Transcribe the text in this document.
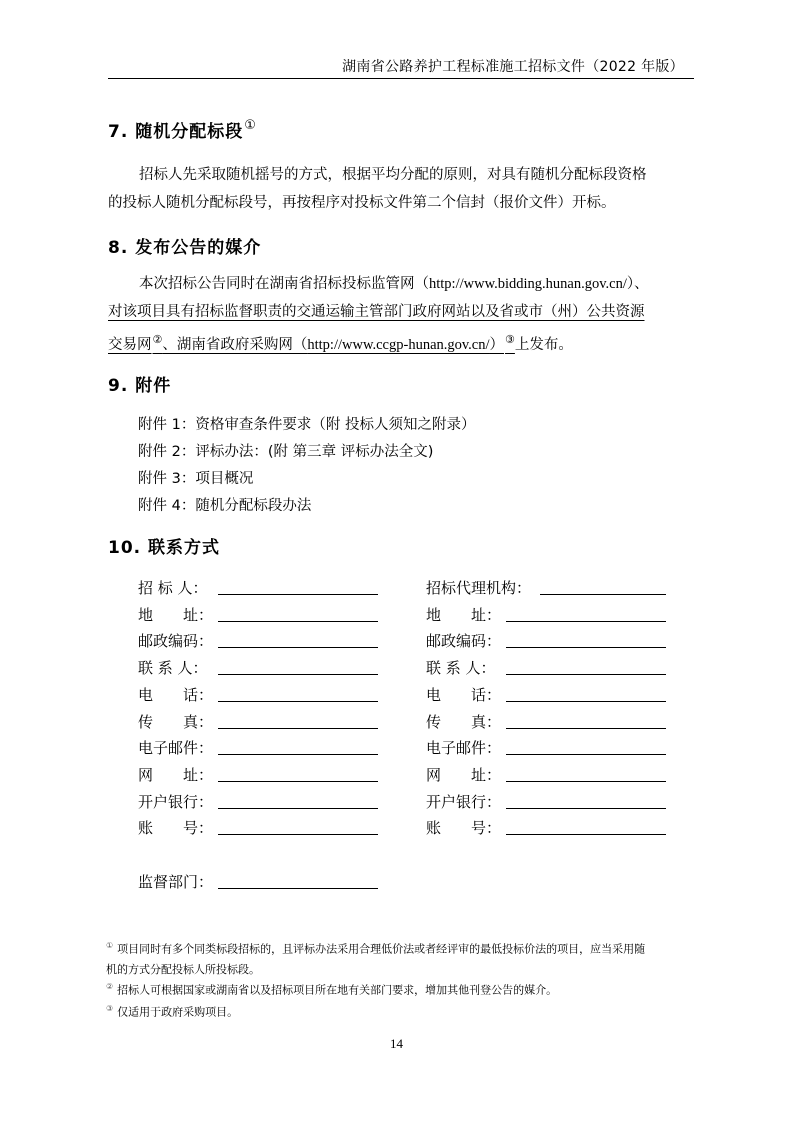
湖南省公路养护工程标准施工招标文件（2022 年版）
7. 随机分配标段①
招标人先采取随机摇号的方式，根据平均分配的原则，对具有随机分配标段资格
的投标人随机分配标段号，再按程序对投标文件第二个信封（报价文件）开标。
8. 发布公告的媒介
本次招标公告同时在湖南省招标投标监管网（http://www.bidding.hunan.gov.cn/）、
对该项目具有招标监督职责的交通运输主管部门政府网站以及省或市（州）公共资源
交易网②、湖南省政府采购网（http://www.ccgp-hunan.gov.cn/）③上发布。
9. 附件
附件 1：资格审查条件要求（附 投标人须知之附录）
附件 2：评标办法：(附 第三章 评标办法全文)
附件 3：项目概况
附件 4：随机分配标段办法
10. 联系方式
招 标 人：
地　　址：
邮政编码：
联 系 人：
电　　话：
传　　真：
电子邮件：
网　　址：
开户银行：
账　　号：
招标代理机构：
地　　址：
邮政编码：
联 系 人：
电　　话：
传　　真：
电子邮件：
网　　址：
开户银行：
账　　号：
监督部门：
① 项目同时有多个同类标段招标的，且评标办法采用合理低价法或者经评审的最低投标价法的项目，应当采用随
机的方式分配投标人所投标段。
② 招标人可根据国家或湖南省以及招标项目所在地有关部门要求，增加其他刊登公告的媒介。
③ 仅适用于政府采购项目。
14
